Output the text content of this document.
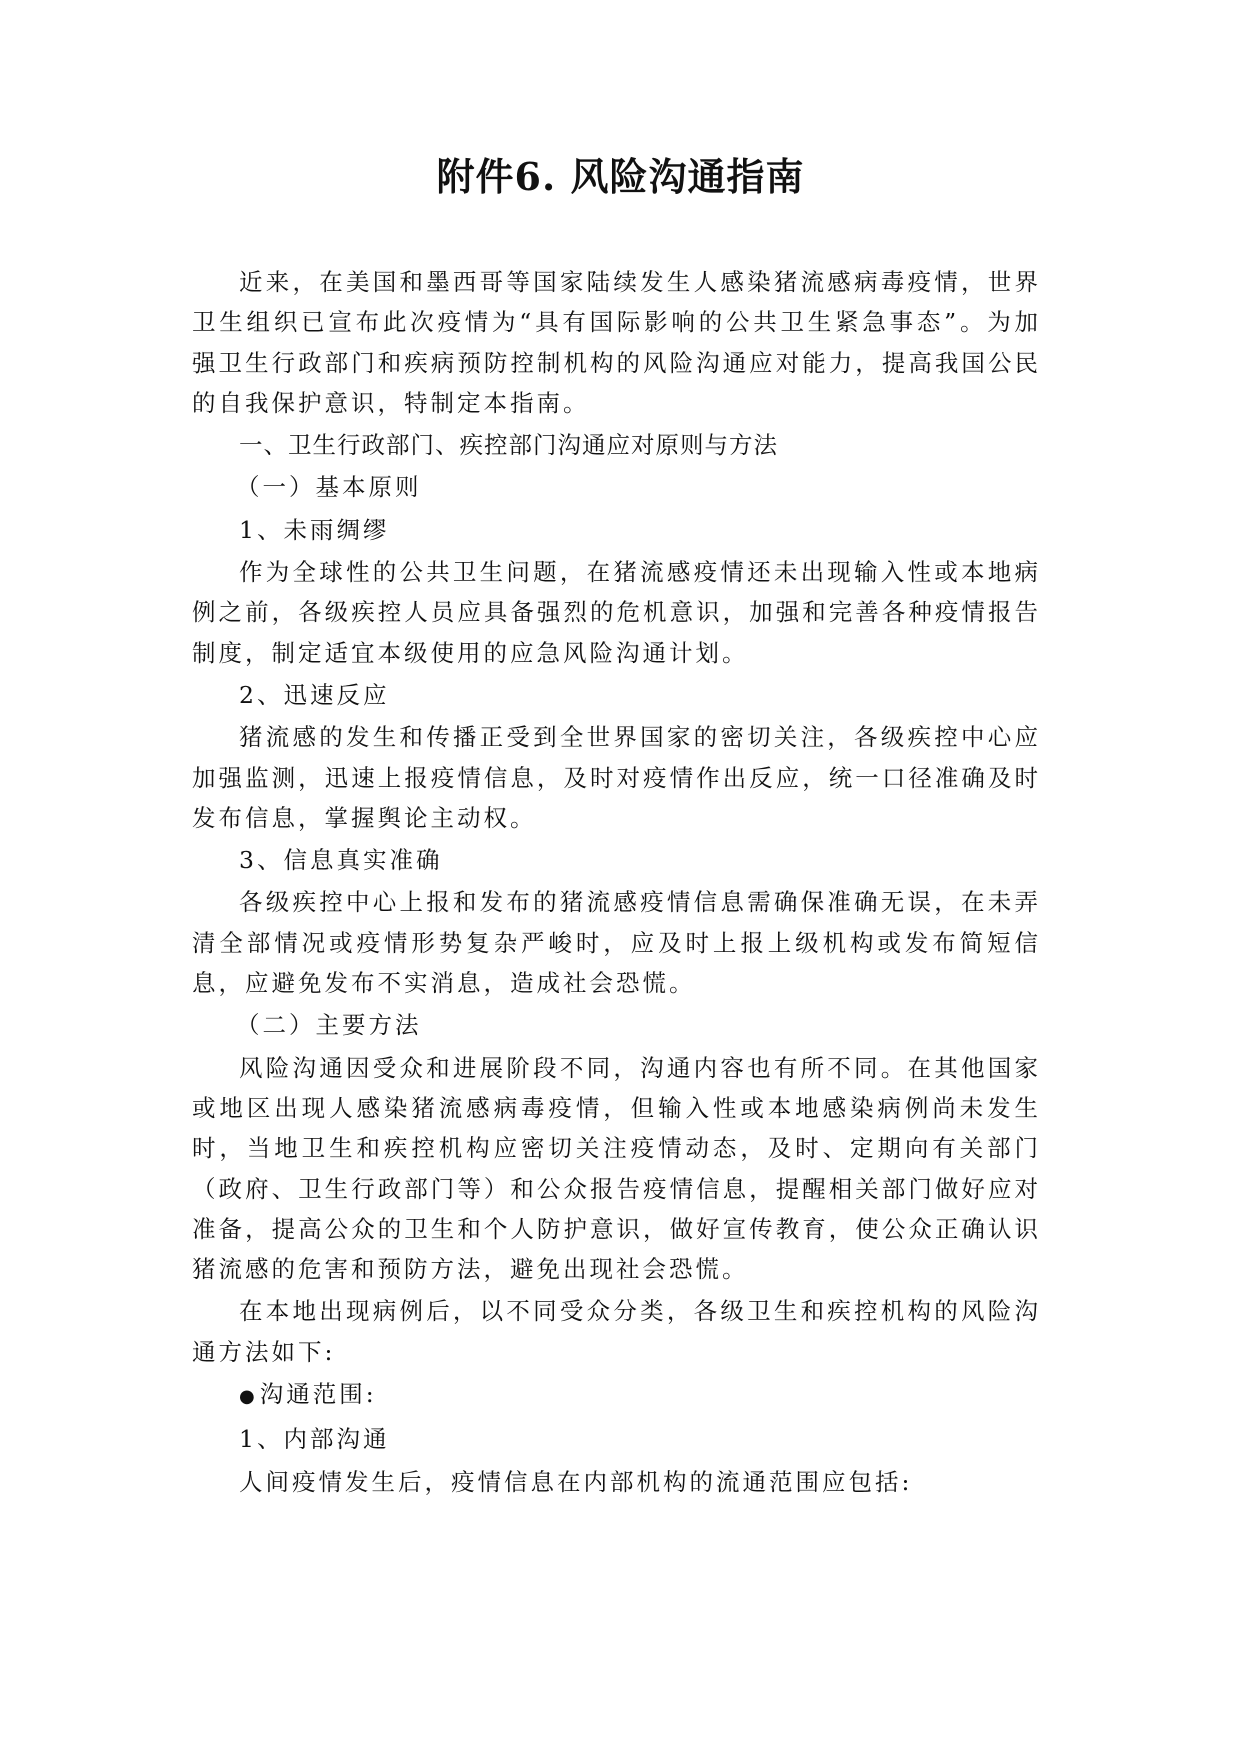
附件6. 风险沟通指南

近来，在美国和墨西哥等国家陆续发生人感染猪流感病毒疫情，世界卫生组织已宣布此次疫情为“具有国际影响的公共卫生紧急事态”。为加强卫生行政部门和疾病预防控制机构的风险沟通应对能力，提高我国公民的自我保护意识，特制定本指南。

一、卫生行政部门、疾控部门沟通应对原则与方法

（一）基本原则

1、未雨绸缪

作为全球性的公共卫生问题，在猪流感疫情还未出现输入性或本地病例之前，各级疾控人员应具备强烈的危机意识，加强和完善各种疫情报告制度，制定适宜本级使用的应急风险沟通计划。

2、迅速反应

猪流感的发生和传播正受到全世界国家的密切关注，各级疾控中心应加强监测，迅速上报疫情信息，及时对疫情作出反应，统一口径准确及时发布信息，掌握舆论主动权。

3、信息真实准确

各级疾控中心上报和发布的猪流感疫情信息需确保准确无误，在未弄清全部情况或疫情形势复杂严峻时，应及时上报上级机构或发布简短信息，应避免发布不实消息，造成社会恐慌。

（二）主要方法

风险沟通因受众和进展阶段不同，沟通内容也有所不同。在其他国家或地区出现人感染猪流感病毒疫情，但输入性或本地感染病例尚未发生时，当地卫生和疾控机构应密切关注疫情动态，及时、定期向有关部门（政府、卫生行政部门等）和公众报告疫情信息，提醒相关部门做好应对准备，提高公众的卫生和个人防护意识，做好宣传教育，使公众正确认识猪流感的危害和预防方法，避免出现社会恐慌。

在本地出现病例后，以不同受众分类，各级卫生和疾控机构的风险沟通方法如下:

●沟通范围:

1、内部沟通

人间疫情发生后，疫情信息在内部机构的流通范围应包括:
